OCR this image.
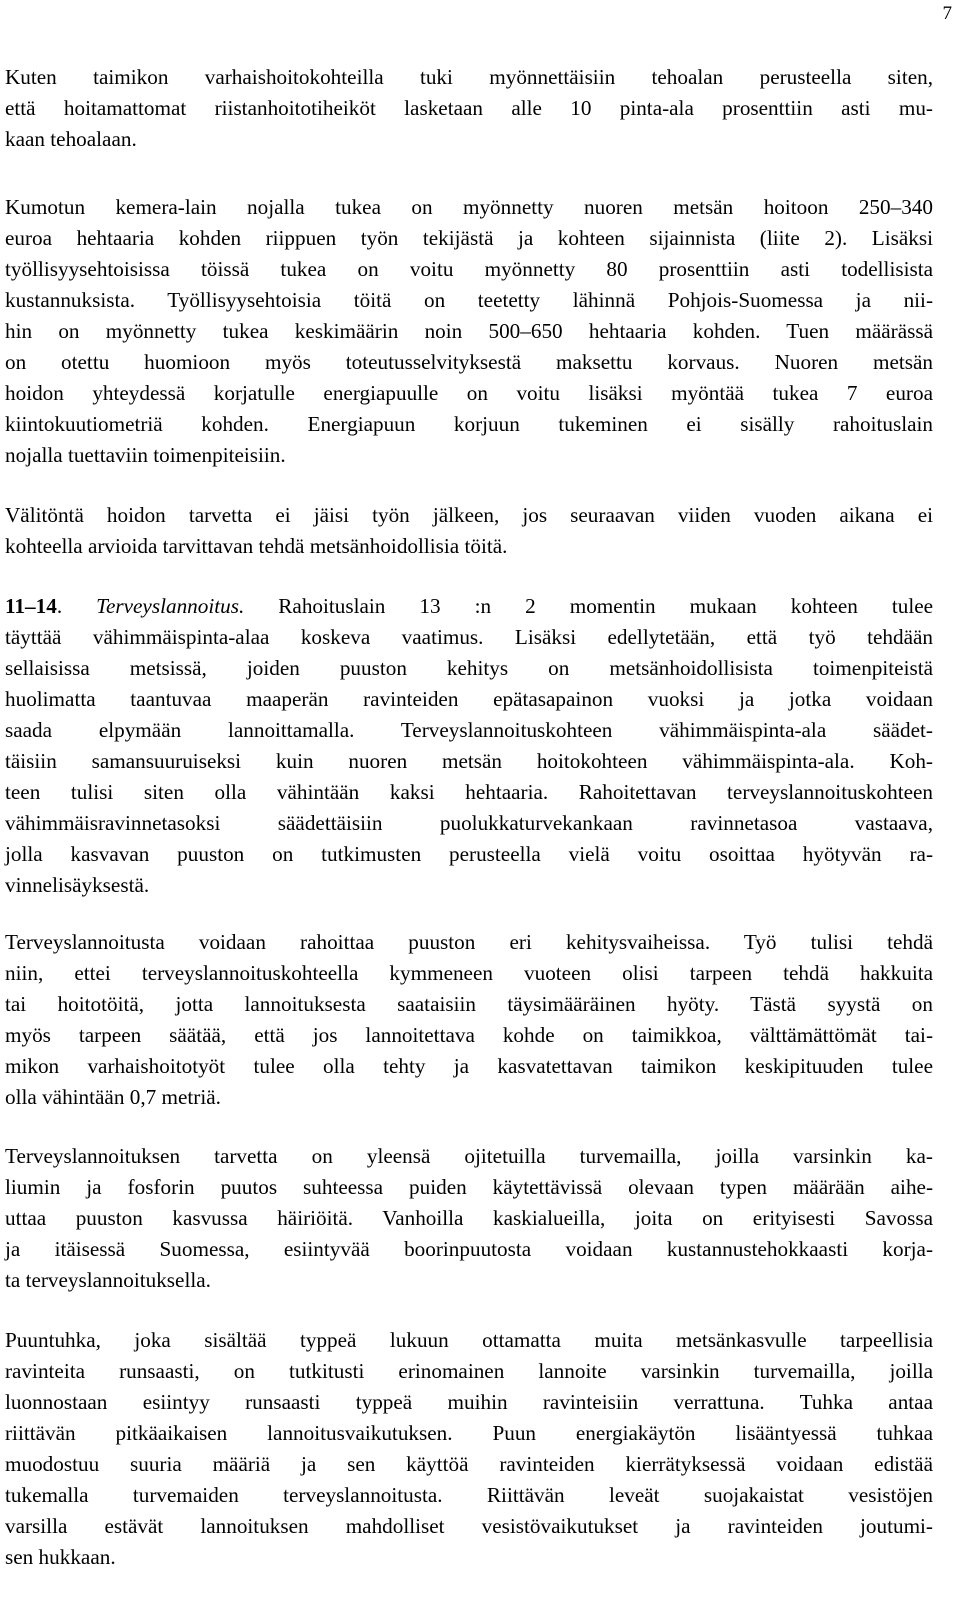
7
Kuten taimikon varhaishoitokohteilla tuki myönnettäisiin tehoalan perusteella siten,
että hoitamattomat riistanhoitotiheiköt lasketaan alle 10 pinta-ala prosenttiin asti mu-
kaan tehoalaan.
Kumotun kemera-lain nojalla tukea on myönnetty nuoren metsän hoitoon 250–340
euroa hehtaaria kohden riippuen työn tekijästä ja kohteen sijainnista (liite 2). Lisäksi
työllisyysehtoisissa töissä tukea on voitu myönnetty 80 prosenttiin asti todellisista
kustannuksista. Työllisyysehtoisia töitä on teetetty lähinnä Pohjois-Suomessa ja nii-
hin on myönnetty tukea keskimäärin noin 500–650 hehtaaria kohden. Tuen määrässä
on otettu huomioon myös toteutusselvityksestä maksettu korvaus. Nuoren metsän
hoidon yhteydessä korjatulle energiapuulle on voitu lisäksi myöntää tukea 7 euroa
kiintokuutiometriä kohden. Energiapuun korjuun tukeminen ei sisälly rahoituslain
nojalla tuettaviin toimenpiteisiin.
Välitöntä hoidon tarvetta ei jäisi työn jälkeen, jos seuraavan viiden vuoden aikana ei
kohteella arvioida tarvittavan tehdä metsänhoidollisia töitä.
11–14. Terveyslannoitus. Rahoituslain 13 :n 2 momentin mukaan kohteen tulee
täyttää vähimmäispinta-alaa koskeva vaatimus. Lisäksi edellytetään, että työ tehdään
sellaisissa metsissä, joiden puuston kehitys on metsänhoidollisista toimenpiteistä
huolimatta taantuvaa maaperän ravinteiden epätasapainon vuoksi ja jotka voidaan
saada elpymään lannoittamalla. Terveyslannoituskohteen vähimmäispinta-ala säädet-
täisiin samansuuruiseksi kuin nuoren metsän hoitokohteen vähimmäispinta-ala. Koh-
teen tulisi siten olla vähintään kaksi hehtaaria. Rahoitettavan terveyslannoituskohteen
vähimmäisravinnetasoksi säädettäisiin puolukkaturvekankaan ravinnetasoa vastaava,
jolla kasvavan puuston on tutkimusten perusteella vielä voitu osoittaa hyötyvän ra-
vinnelisäyksestä.
Terveyslannoitusta voidaan rahoittaa puuston eri kehitysvaiheissa. Työ tulisi tehdä
niin, ettei terveyslannoituskohteella kymmeneen vuoteen olisi tarpeen tehdä hakkuita
tai hoitotöitä, jotta lannoituksesta saataisiin täysimääräinen hyöty. Tästä syystä on
myös tarpeen säätää, että jos lannoitettava kohde on taimikkoa, välttämättömät tai-
mikon varhaishoitotyöt tulee olla tehty ja kasvatettavan taimikon keskipituuden tulee
olla vähintään 0,7 metriä.
Terveyslannoituksen tarvetta on yleensä ojitetuilla turvemailla, joilla varsinkin ka-
liumin ja fosforin puutos suhteessa puiden käytettävissä olevaan typen määrään aihe-
uttaa puuston kasvussa häiriöitä. Vanhoilla kaskialueilla, joita on erityisesti Savossa
ja itäisessä Suomessa, esiintyvää boorinpuutosta voidaan kustannustehokkaasti korja-
ta terveyslannoituksella.
Puuntuhka, joka sisältää typpeä lukuun ottamatta muita metsänkasvulle tarpeellisia
ravinteita runsaasti, on tutkitusti erinomainen lannoite varsinkin turvemailla, joilla
luonnostaan esiintyy runsaasti typpeä muihin ravinteisiin verrattuna. Tuhka antaa
riittävän pitkäaikaisen lannoitusvaikutuksen. Puun energiakäytön lisääntyessä tuhkaa
muodostuu suuria määriä ja sen käyttöä ravinteiden kierrätyksessä voidaan edistää
tukemalla turvemaiden terveyslannoitusta. Riittävän leveät suojakaistat vesistöjen
varsilla estävät lannoituksen mahdolliset vesistövaikutukset ja ravinteiden joutumi-
sen hukkaan.
